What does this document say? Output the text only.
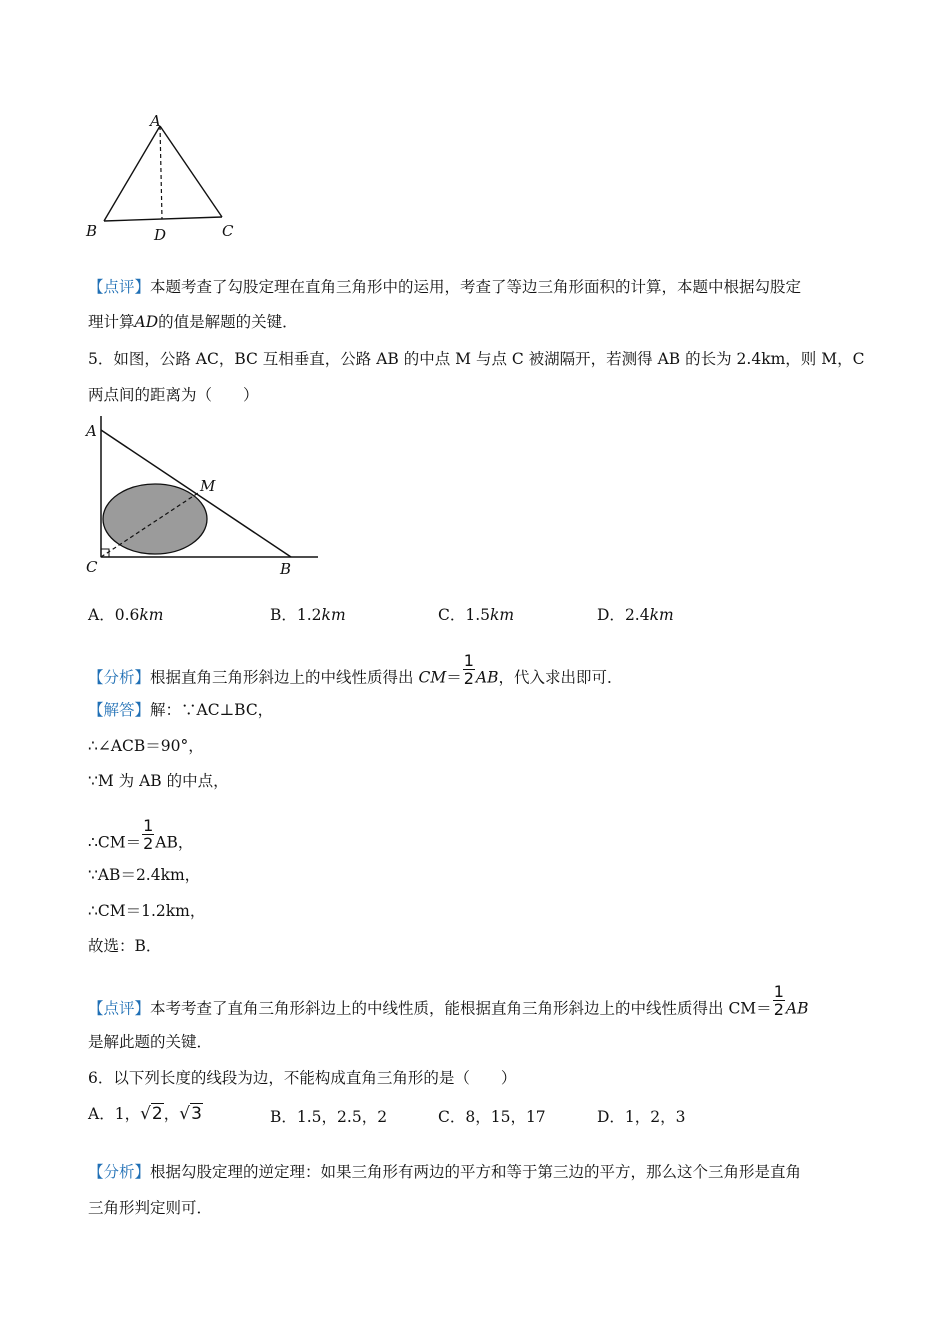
A
B	D	C
【点评】本题考查了勾股定理在直角三角形中的运用，考查了等边三角形面积的计算，本题中根据勾股定
理计算AD的值是解题的关键．
5．如图，公路 AC，BC 互相垂直，公路 AB 的中点 M 与点 C 被湖隔开，若测得 AB 的长为 2.4km，则 M，C
两点间的距离为（　　）
A
M
C	B
A．0.6km	B．1.2km	C．1.5km	D．2.4km
【分析】根据直角三角形斜边上的中线性质得出 $CM= \frac{1}{2}$ AB，代入求出即可．
【解答】解：∵AC⊥BC，
∴∠ACB＝90°，
∵M 为 AB 的中点，
∴CM＝ $\frac{1}{2}$ AB，
∵AB＝2.4km，
∴CM＝1.2km，
故选：B．
【点评】本考考查了直角三角形斜边上的中线性质，能根据直角三角形斜边上的中线性质得出 $CM= \frac{1}{2}$ AB
是解此题的关键．
6．以下列长度的线段为边，不能构成直角三角形的是（　　）
A．1，√2，√3	B．1.5，2.5，2	C．8，15，17	D．1，2，3
【分析】根据勾股定理的逆定理：如果三角形有两边的平方和等于第三边的平方，那么这个三角形是直角
三角形判定则可．
